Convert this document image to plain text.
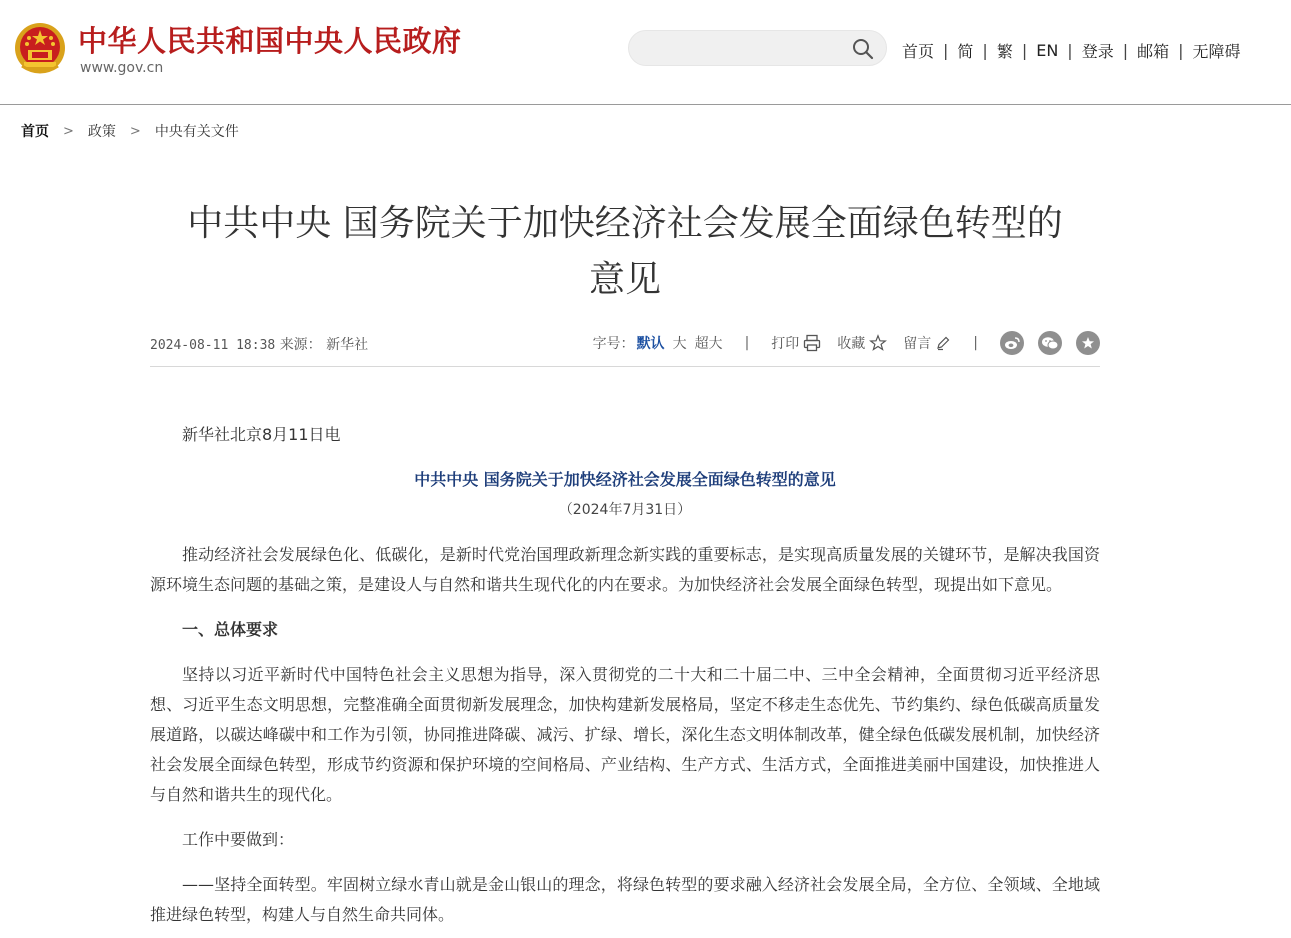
中华人民共和国中央人民政府
www.gov.cn
首页 | 简 | 繁 | EN | 登录 | 邮箱 | 无障碍
首页 > 政策 > 中央有关文件
中共中央 国务院关于加快经济社会发展全面绿色转型的
意见
2024-08-11 18:38 来源： 新华社	字号： 默认 大 超大 | 打印	收藏	留言	|

新华社北京8月11日电

中共中央 国务院关于加快经济社会发展全面绿色转型的意见

（2024年7月31日）

推动经济社会发展绿色化、低碳化，是新时代党治国理政新理念新实践的重要标志，是实现高质量发展的关键环节，是解决我国资源环境生态问题的基础之策，是建设人与自然和谐共生现代化的内在要求。为加快经济社会发展全面绿色转型，现提出如下意见。

一、总体要求

坚持以习近平新时代中国特色社会主义思想为指导，深入贯彻党的二十大和二十届二中、三中全会精神，全面贯彻习近平经济思想、习近平生态文明思想，完整准确全面贯彻新发展理念，加快构建新发展格局，坚定不移走生态优先、节约集约、绿色低碳高质量发展道路，以碳达峰碳中和工作为引领，协同推进降碳、减污、扩绿、增长，深化生态文明体制改革，健全绿色低碳发展机制，加快经济社会发展全面绿色转型，形成节约资源和保护环境的空间格局、产业结构、生产方式、生活方式，全面推进美丽中国建设，加快推进人与自然和谐共生的现代化。

工作中要做到：

——坚持全面转型。牢固树立绿水青山就是金山银山的理念，将绿色转型的要求融入经济社会发展全局，全方位、全领域、全地域推进绿色转型，构建人与自然生命共同体。
